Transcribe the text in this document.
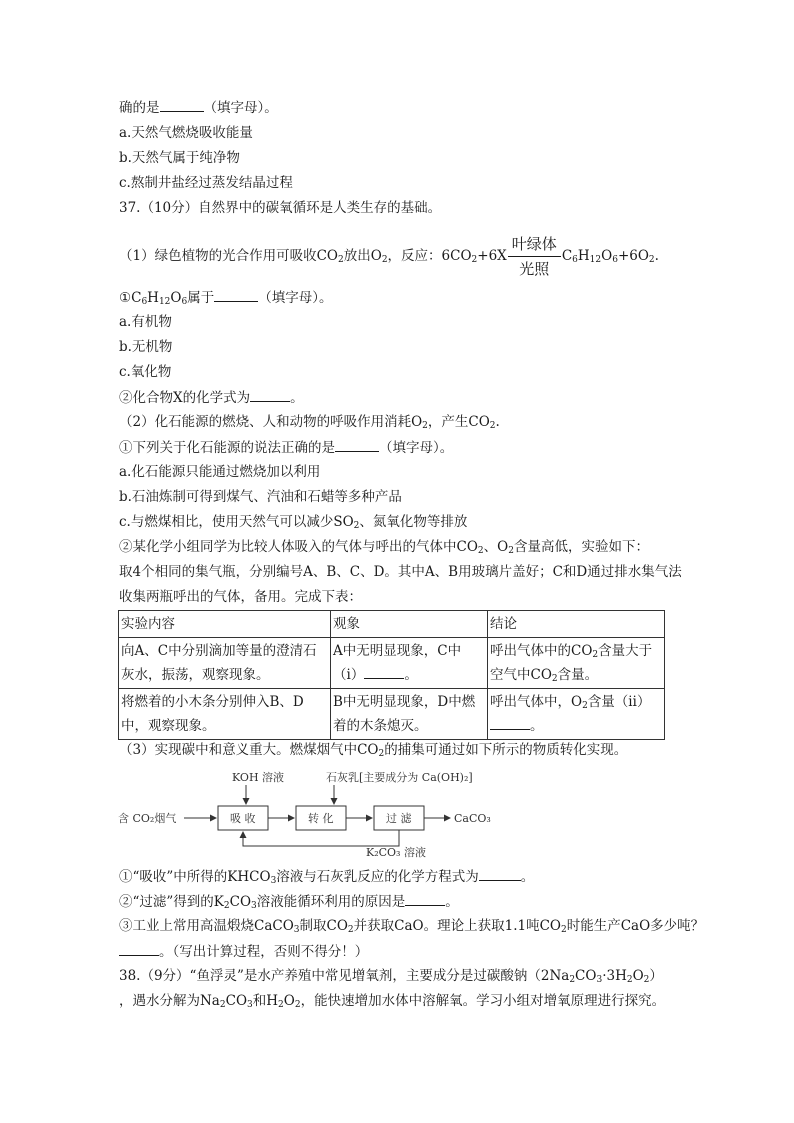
确的是	（填字母）。
a.天然气燃烧吸收能量
b.天然气属于纯净物
c.熬制井盐经过蒸发结晶过程
37.（10分）自然界中的碳氧循环是人类生存的基础。
（1）绿色植物的光合作用可吸收$CO_2$放出$O_2$，反应：$6CO_2+6X \frac{\text{叶绿体}}{\text{光照}} C_6H_{12}O_6+6O_2$.
$①C_6H_{12}O_6$属于	（填字母）。
a.有机物
b.无机物
c.氧化物
②化合物X的化学式为	。
（2）化石能源的燃烧、人和动物的呼吸作用消耗$O_2$，产生$CO_2$.
①下列关于化石能源的说法正确的是	（填字母）。
a.化石能源只能通过燃烧加以利用
b.石油炼制可得到煤气、汽油和石蜡等多种产品
c.与燃煤相比，使用天然气可以减少$SO_2$、氮氧化物等排放
②某化学小组同学为比较人体吸入的气体与呼出的气体中$CO_2$、$O_2$含量高低，实验如下：
取4个相同的集气瓶，分别编号A、B、C、D。其中A、B用玻璃片盖好；C和D通过排水集气法
收集两瓶呼出的气体，备用。完成下表：
实验内容	观象	结论
向A、C中分别滴加等量的澄清石灰水，振荡，观察现象。	A中无明显现象，C中（ⅰ） 。	呼出气体中的$CO_2$含量大于空气中$CO_2$含量。
将燃着的小木条分别伸入B、D中，观察现象。	B中无明显现象，D中燃着的木条熄灭。	呼出气体中，$O_2$含量（ⅱ）。
（3）实现碳中和意义重大。燃煤烟气中$CO_2$的捕集可通过如下所示的物质转化实现。
KOH 溶液	石灰乳[主要成分为 Ca(OH)₂]
含 CO₂烟气	吸 收	转 化	过 滤	CaCO₃
K₂CO₃ 溶液
①“吸收”中所得的$KHCO_3$溶液与石灰乳反应的化学方程式为	。
②“过滤”得到的$K_2CO_3$溶液能循环利用的原因是	。
③工业上常用高温煅烧CaCO$_3$制取$CO_2$并获取CaO。理论上获取1.1吨$CO_2$时能生产CaO多少吨？
。（写出计算过程，否则不得分！）
38.（9分）“鱼浮灵”是水产养殖中常见增氧剂，主要成分是过碳酸钠$(2Na_2CO_3\cdot 3H_2O_2)$
，遇水分解为$Na_2CO_3$和$H_2O_2$，能快速增加水体中溶解氧。学习小组对增氧原理进行探究。
